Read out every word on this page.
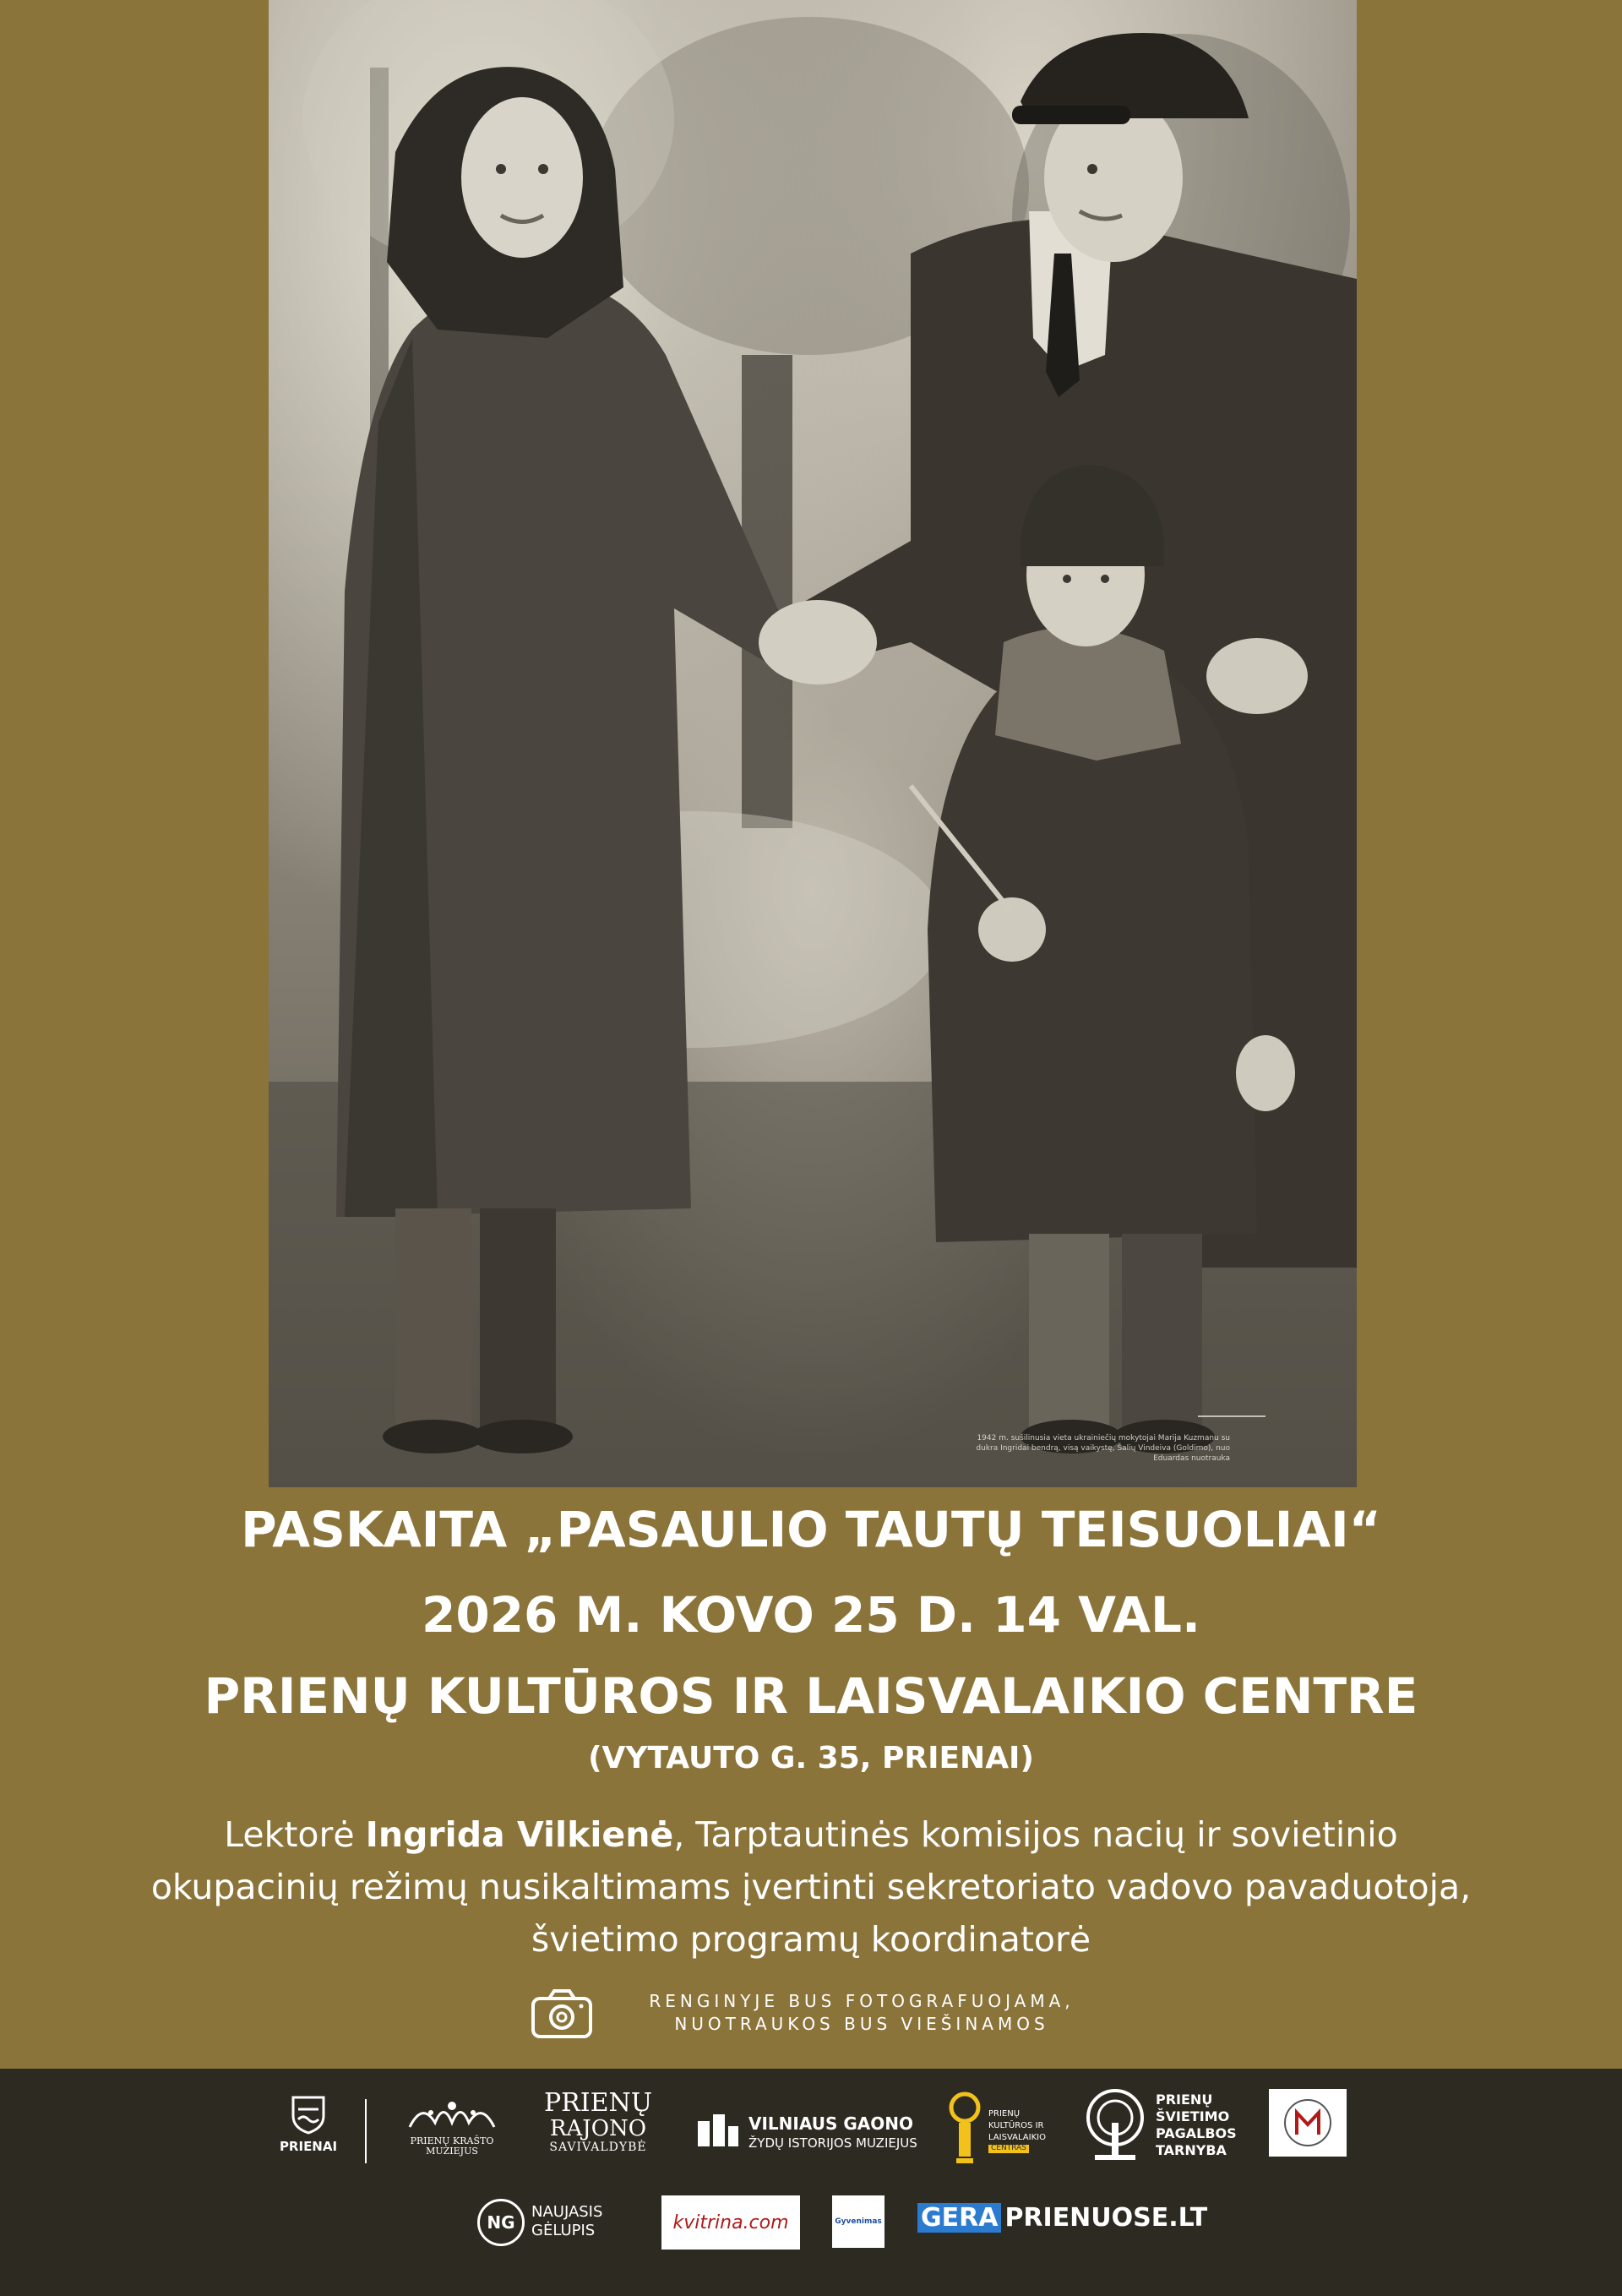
1942 m. sušilinusia vieta ukrainiečių mokytojai Marija Kuzmanu su dukra Ingridai bendrą, visą vaikystę, Šalių Vindeiva (Goldimo), nuo Eduardas nuotrauka
PASKAITA „PASAULIO TAUTŲ TEISUOLIAI“
2026 M. KOVO 25 D. 14 VAL.
PRIENŲ KULTŪROS IR LAISVALAIKIO CENTRE
(VYTAUTO G. 35, PRIENAI)
Lektorė Ingrida Vilkienė, Tarptautinės komisijos nacių ir sovietinio okupacinių režimų nusikaltimams įvertinti sekretoriato vadovo pavaduotoja, švietimo programų koordinatorė
RENGINYJE BUS FOTOGRAFUOJAMA,
NUOTRAUKOS BUS VIEŠINAMOS
PRIENAI	PRIENŲ KRAŠTO MUZIEJUS
PRIENŲ
RAJONO
SAVIVALDYBĖ
VILNIAUS GAONO
ŽYDŲ ISTORIJOS MUZIEJUS
PRIENŲ
KULTŪROS IR
LAISVALAIKIO
CENTRAS
PRIENŲ
ŠVIETIMO
PAGALBOS
TARNYBA
NG
NAUJASIS
GĖLUPIS	kvitrina.com	Gyvenimas GERA PRIENUOSE.LT
